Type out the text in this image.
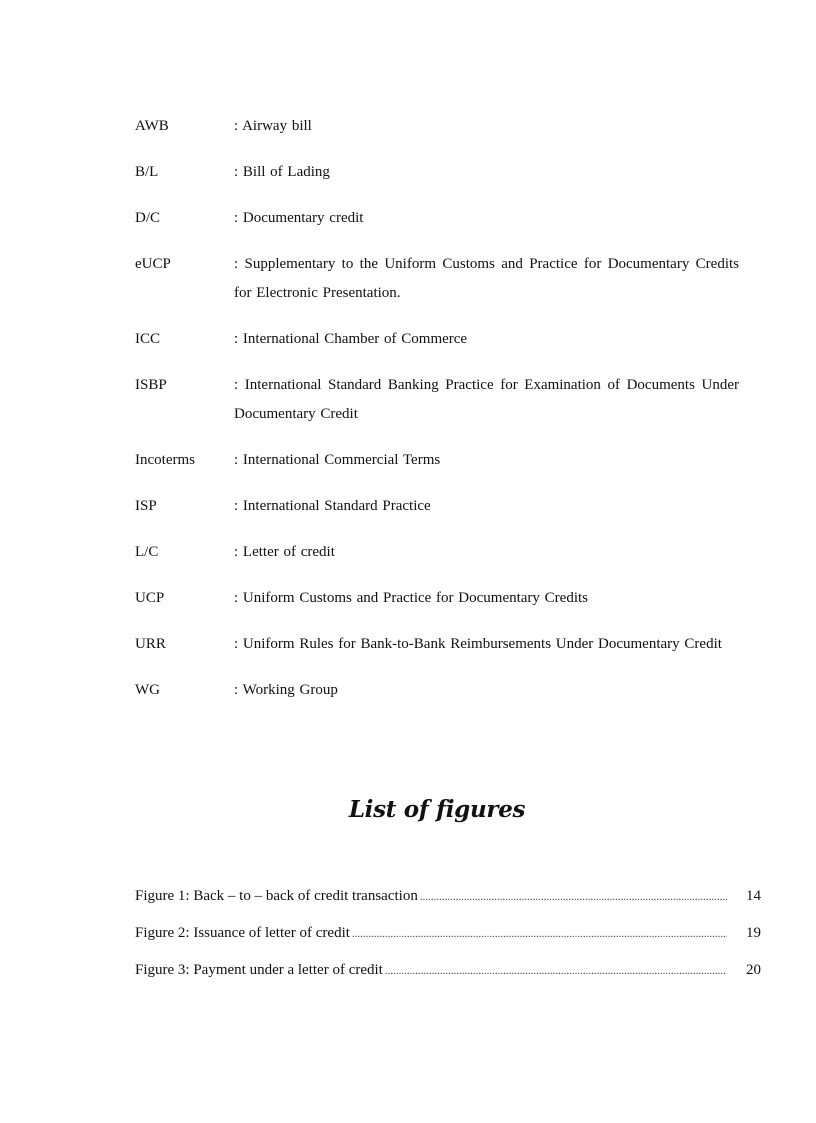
AWB	: Airway bill
B/L	: Bill of Lading
D/C	: Documentary credit
eUCP	: Supplementary to the Uniform Customs and Practice for Documentary Credits for Electronic Presentation.
ICC	: International Chamber of Commerce
ISBP	: International Standard Banking Practice for Examination of Documents Under Documentary Credit
Incoterms	: International Commercial Terms
ISP	: International Standard Practice
L/C	: Letter of credit
UCP	: Uniform Customs and Practice for Documentary Credits
URR	: Uniform Rules for Bank-to-Bank Reimbursements Under Documentary Credit
WG	: Working Group
List of figures
Figure 1: Back – to – back of credit transaction .....	14
Figure 2: Issuance of letter of credit .....	19
Figure 3: Payment under a letter of credit .....	20
